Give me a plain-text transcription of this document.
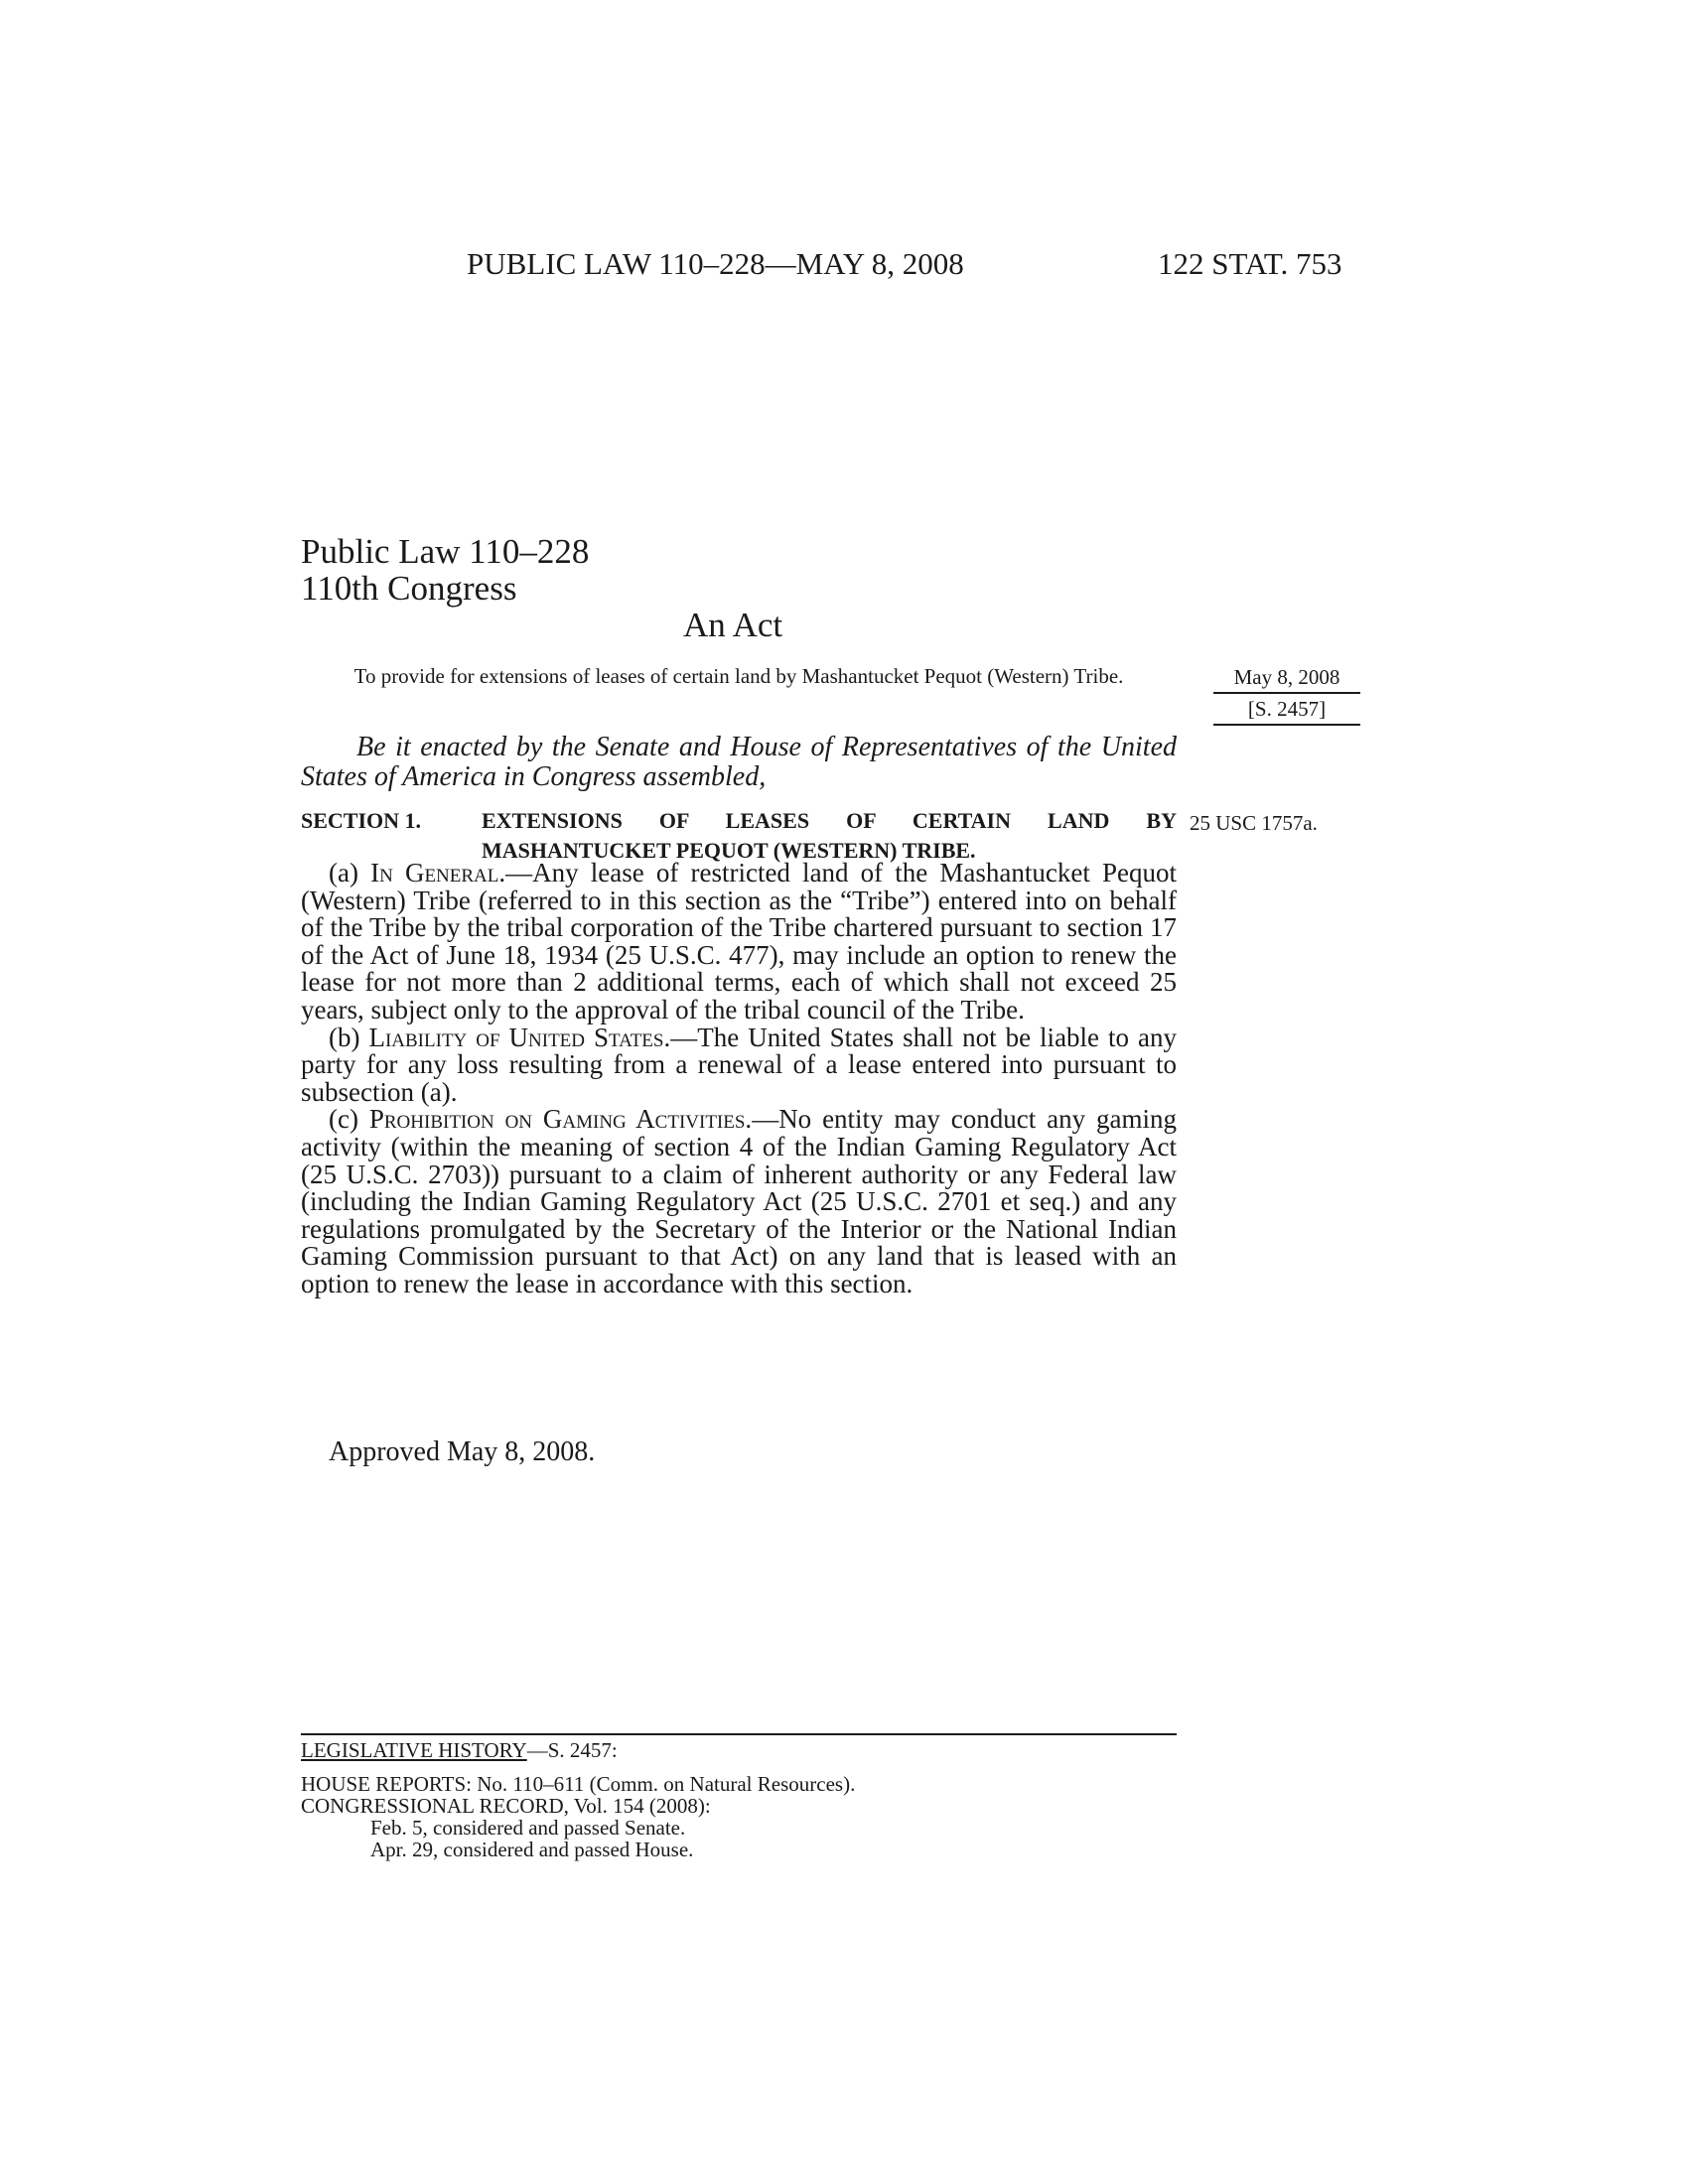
PUBLIC LAW 110–228—MAY 8, 2008	122 STAT. 753
Public Law 110–228
110th Congress
An Act
To provide for extensions of leases of certain land by Mashantucket Pequot (Western) Tribe.	May 8, 2008
[S. 2457]
Be it enacted by the Senate and House of Representatives of the United States of America in Congress assembled,
SECTION 1.	EXTENSIONS OF LEASES OF CERTAIN LAND BY
MASHANTUCKET PEQUOT (WESTERN) TRIBE.
25 USC 1757a.

(a) In General.—Any lease of restricted land of the Mashantucket Pequot (Western) Tribe (referred to in this section as the “Tribe”) entered into on behalf of the Tribe by the tribal corporation of the Tribe chartered pursuant to section 17 of the Act of June 18, 1934 (25 U.S.C. 477), may include an option to renew the lease for not more than 2 additional terms, each of which shall not exceed 25 years, subject only to the approval of the tribal council of the Tribe.

(b) Liability of United States.—The United States shall not be liable to any party for any loss resulting from a renewal of a lease entered into pursuant to subsection (a).

(c) Prohibition on Gaming Activities.—No entity may conduct any gaming activity (within the meaning of section 4 of the Indian Gaming Regulatory Act (25 U.S.C. 2703)) pursuant to a claim of inherent authority or any Federal law (including the Indian Gaming Regulatory Act (25 U.S.C. 2701 et seq.) and any regulations promulgated by the Secretary of the Interior or the National Indian Gaming Commission pursuant to that Act) on any land that is leased with an option to renew the lease in accordance with this section.

Approved May 8, 2008.
LEGISLATIVE HISTORY—S. 2457:
HOUSE REPORTS: No. 110–611 (Comm. on Natural Resources).
CONGRESSIONAL RECORD, Vol. 154 (2008):
Feb. 5, considered and passed Senate.
Apr. 29, considered and passed House.
